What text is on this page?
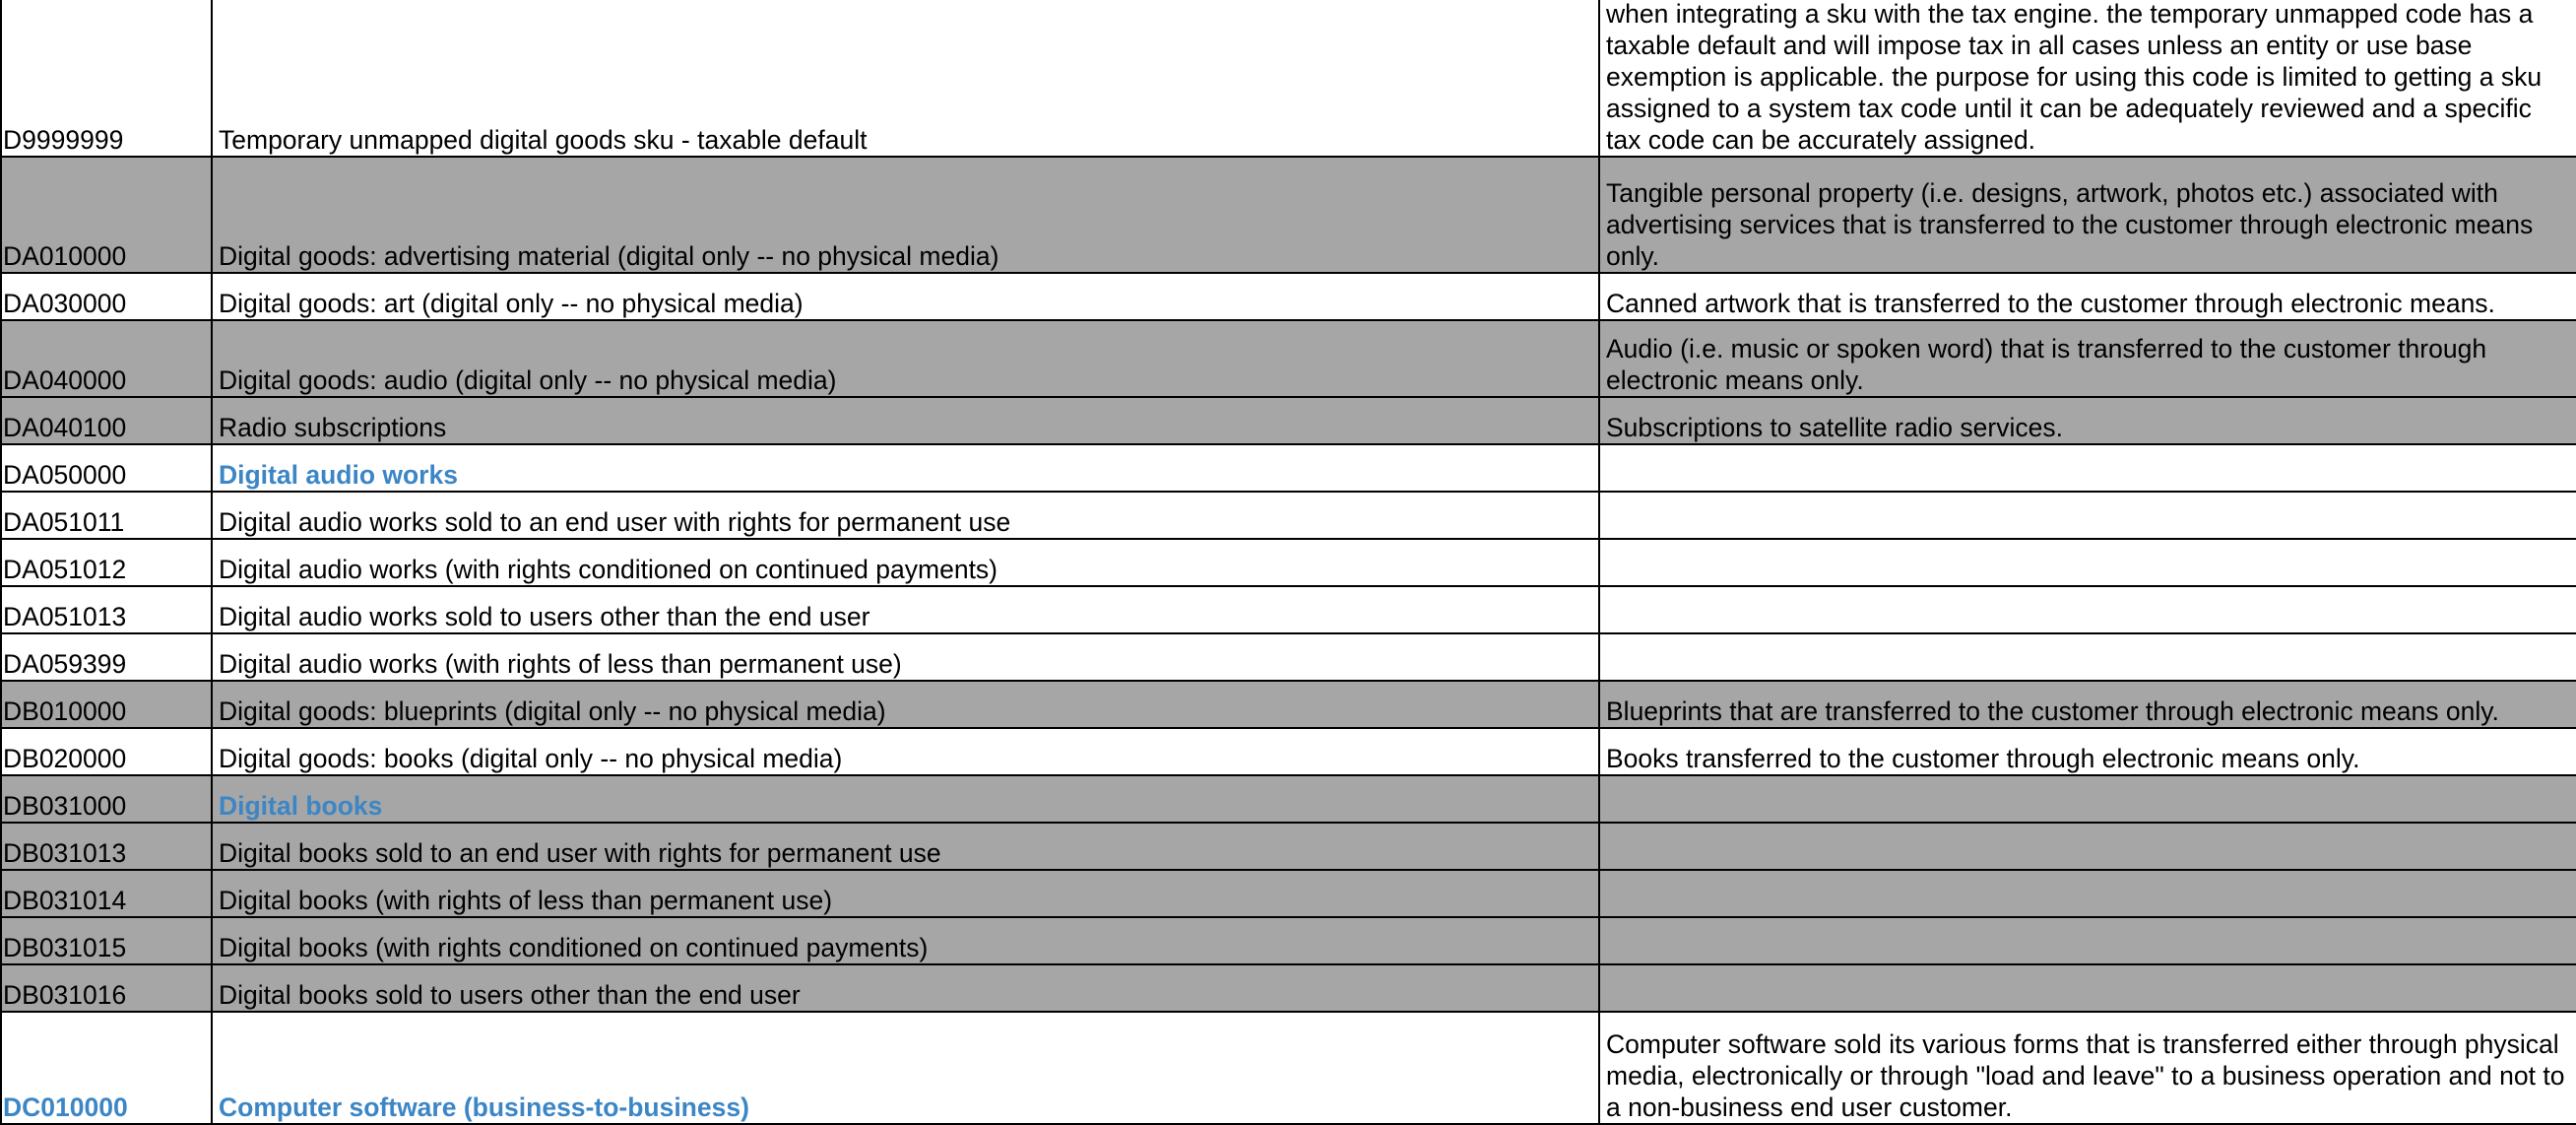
D9999999	Temporary unmapped digital goods sku - taxable default	when integrating a sku with the tax engine. the temporary unmapped code has a taxable default and will impose tax in all cases unless an entity or use base exemption is applicable. the purpose for using this code is limited to getting a sku assigned to a system tax code until it can be adequately reviewed and a specific tax code can be accurately assigned.
DA010000	Digital goods: advertising material (digital only -- no physical media)	Tangible personal property (i.e. designs, artwork, photos etc.) associated with advertising services that is transferred to the customer through electronic means only.
DA030000	Digital goods: art (digital only -- no physical media)	Canned artwork that is transferred to the customer through electronic means.
DA040000	Digital goods: audio (digital only -- no physical media)	Audio (i.e. music or spoken word) that is transferred to the customer through electronic means only.
DA040100	Radio subscriptions	Subscriptions to satellite radio services.
DA050000	Digital audio works	
DA051011	Digital audio works sold to an end user with rights for permanent use	
DA051012	Digital audio works (with rights conditioned on continued payments)	
DA051013	Digital audio works sold to users other than the end user	
DA059399	Digital audio works (with rights of less than permanent use)	
DB010000	Digital goods: blueprints (digital only -- no physical media)	Blueprints that are transferred to the customer through electronic means only.
DB020000	Digital goods: books (digital only -- no physical media)	Books transferred to the customer through electronic means only.
DB031000	Digital books	
DB031013	Digital books sold to an end user with rights for permanent use	
DB031014	Digital books (with rights of less than permanent use)	
DB031015	Digital books (with rights conditioned on continued payments)	
DB031016	Digital books sold to users other than the end user	
DC010000	Computer software (business-to-business)	Computer software sold its various forms that is transferred either through physical media, electronically or through "load and leave" to a business operation and not to a non-business end user customer.
